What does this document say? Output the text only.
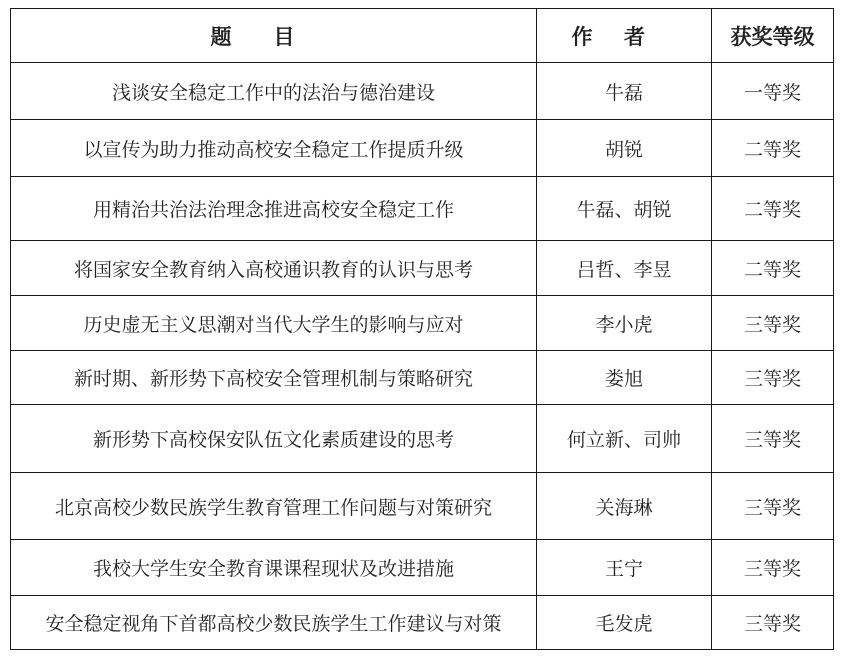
题目	作者	获奖等级
浅谈安全稳定工作中的法治与德治建设	牛磊	一等奖
以宣传为助力推动高校安全稳定工作提质升级	胡锐	二等奖
用精治共治法治理念推进高校安全稳定工作	牛磊、胡锐	二等奖
将国家安全教育纳入高校通识教育的认识与思考	吕哲、李昱	二等奖
历史虚无主义思潮对当代大学生的影响与应对	李小虎	三等奖
新时期、新形势下高校安全管理机制与策略研究	娄旭	三等奖
新形势下高校保安队伍文化素质建设的思考	何立新、司帅	三等奖
北京高校少数民族学生教育管理工作问题与对策研究	关海琳	三等奖
我校大学生安全教育课课程现状及改进措施	王宁	三等奖
安全稳定视角下首都高校少数民族学生工作建议与对策	毛发虎	三等奖
